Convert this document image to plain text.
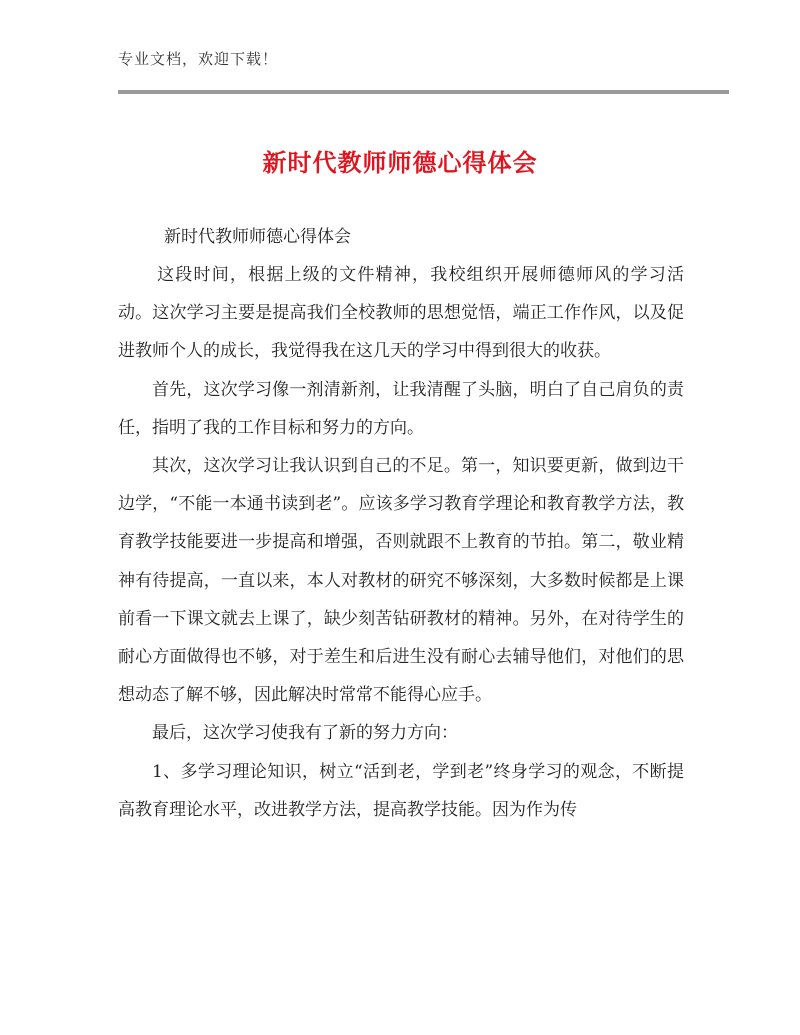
专业文档，欢迎下载！
新时代教师师德心得体会
新时代教师师德心得体会

这段时间，根据上级的文件精神，我校组织开展师德师风的学习活动。这次学习主要是提高我们全校教师的思想觉悟，端正工作作风，以及促进教师个人的成长，我觉得我在这几天的学习中得到很大的收获。

首先，这次学习像一剂清新剂，让我清醒了头脑，明白了自己肩负的责任，指明了我的工作目标和努力的方向。

其次，这次学习让我认识到自己的不足。第一，知识要更新，做到边干边学，“不能一本通书读到老”。应该多学习教育学理论和教育教学方法，教育教学技能要进一步提高和增强，否则就跟不上教育的节拍。第二，敬业精神有待提高，一直以来，本人对教材的研究不够深刻，大多数时候都是上课前看一下课文就去上课了，缺少刻苦钻研教材的精神。另外，在对待学生的耐心方面做得也不够，对于差生和后进生没有耐心去辅导他们，对他们的思想动态了解不够，因此解决时常常不能得心应手。

最后，这次学习使我有了新的努力方向：

1、多学习理论知识，树立“活到老，学到老”终身学习的观念，不断提高教育理论水平，改进教学方法，提高教学技能。因为作为传
